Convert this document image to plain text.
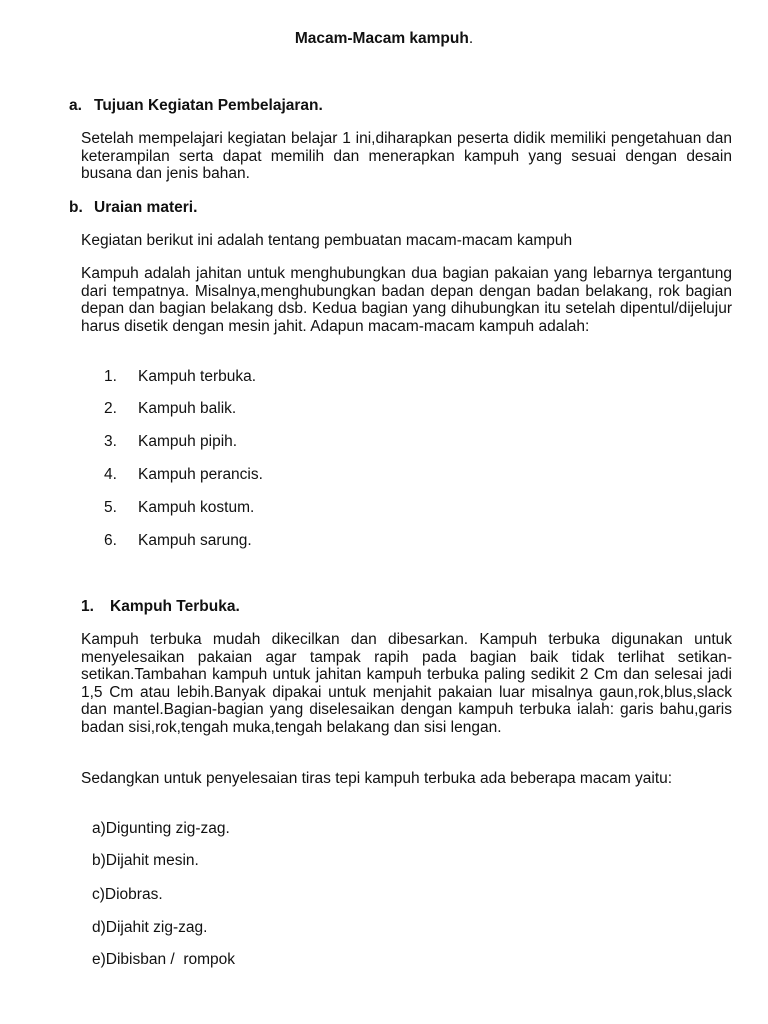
Macam-Macam kampuh.
a. Tujuan Kegiatan Pembelajaran.
Setelah mempelajari kegiatan belajar 1 ini,diharapkan peserta didik memiliki pengetahuan dan keterampilan serta dapat memilih dan menerapkan kampuh yang sesuai dengan desain busana dan jenis bahan.
b. Uraian materi.
Kegiatan berikut ini adalah tentang pembuatan macam-macam kampuh
Kampuh adalah jahitan untuk menghubungkan dua bagian pakaian yang lebarnya tergantung dari tempatnya. Misalnya,menghubungkan badan depan dengan badan belakang, rok bagian depan dan bagian belakang dsb. Kedua bagian yang dihubungkan itu setelah dipentul/dijelujur harus disetik dengan mesin jahit. Adapun macam-macam kampuh adalah:
1. Kampuh terbuka.
2. Kampuh balik.
3. Kampuh pipih.
4. Kampuh perancis.
5. Kampuh kostum.
6. Kampuh sarung.
1. Kampuh Terbuka.
Kampuh terbuka mudah dikecilkan dan dibesarkan. Kampuh terbuka digunakan untuk menyelesaikan pakaian agar tampak rapih pada bagian baik tidak terlihat setikan-setikan.Tambahan kampuh untuk jahitan kampuh terbuka paling sedikit 2 Cm dan selesai jadi 1,5 Cm atau lebih.Banyak dipakai untuk menjahit pakaian luar misalnya gaun,rok,blus,slack dan mantel.Bagian-bagian yang diselesaikan dengan kampuh terbuka ialah: garis bahu,garis badan sisi,rok,tengah muka,tengah belakang dan sisi lengan.
Sedangkan untuk penyelesaian tiras tepi kampuh terbuka ada beberapa macam yaitu:
a)Digunting zig-zag.
b)Dijahit mesin.
c)Diobras.
d)Dijahit zig-zag.
e)Dibisban /  rompok
